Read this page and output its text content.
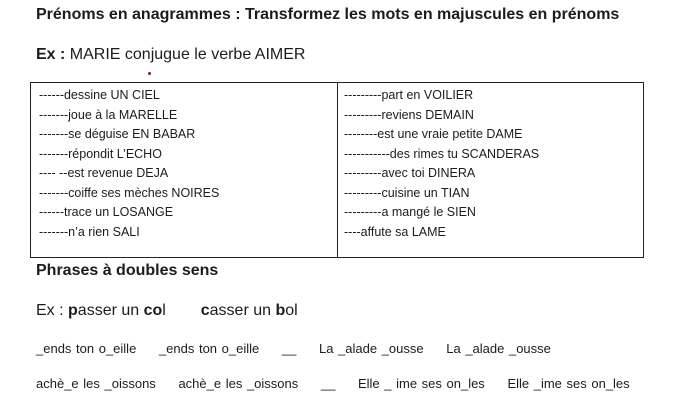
Prénoms en anagrammes : Transformez les mots en majuscules en prénoms
Ex : MARIE conjugue le verbe AIMER
------dessine UN CIEL
-------joue à la MARELLE
-------se déguise EN BABAR
-------répondit L’ECHO
---- --est revenue DEJA
-------coiffe ses mèches NOIRES
------trace un LOSANGE
-------n’a rien SALI
---------part en VOILIER
---------reviens DEMAIN
--------est une vraie petite DAME
-----------des rimes tu SCANDERAS
---------avec toi DINERA
---------cuisine un TIAN
---------a mangé le SIEN
----affute sa LAME
Phrases à doubles sens
Ex : passer un col casser un bol
_ends ton o_eille _ends ton o_eille __ La _alade _ousse La _alade _ousse
achè_e les _oissons achè_e les _oissons __ Elle _ ime ses on_les Elle _ime ses on_les
